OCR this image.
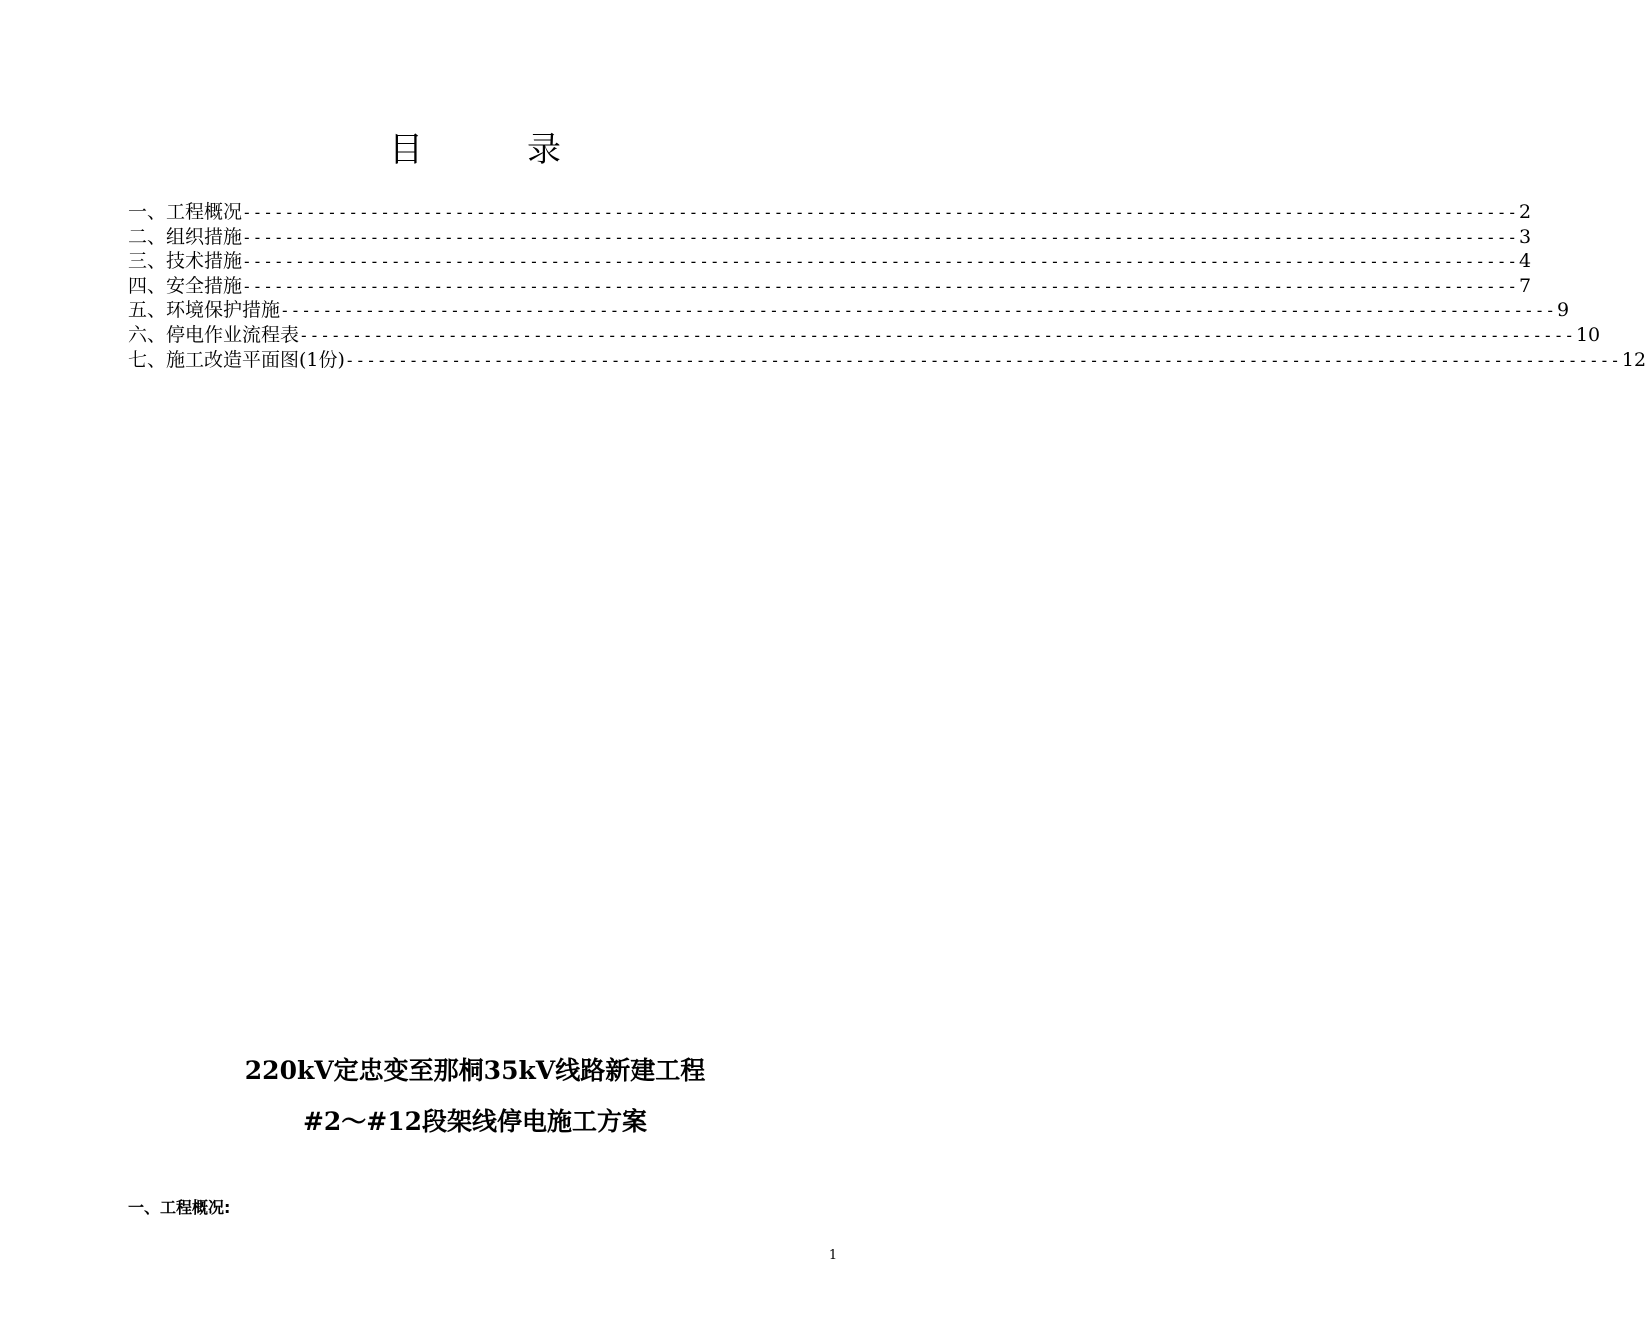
目	录
一、工程概况 ------------------------------------------------------------------------------------------------------------------------ 2
二、组织措施 ------------------------------------------------------------------------------------------------------------------------ 3
三、技术措施 ------------------------------------------------------------------------------------------------------------------------ 4
四、安全措施 ------------------------------------------------------------------------------------------------------------------------ 7
五、环境保护措施 ------------------------------------------------------------------------------------------------------------------------ 9
六、停电作业流程表 ------------------------------------------------------------------------------------------------------------------------ 10
七、施工改造平面图(1份) ------------------------------------------------------------------------------------------------------------------------ 12
220kV定忠变至那桐35kV线路新建工程
#2～#12段架线停电施工方案
一、工程概况:
1
